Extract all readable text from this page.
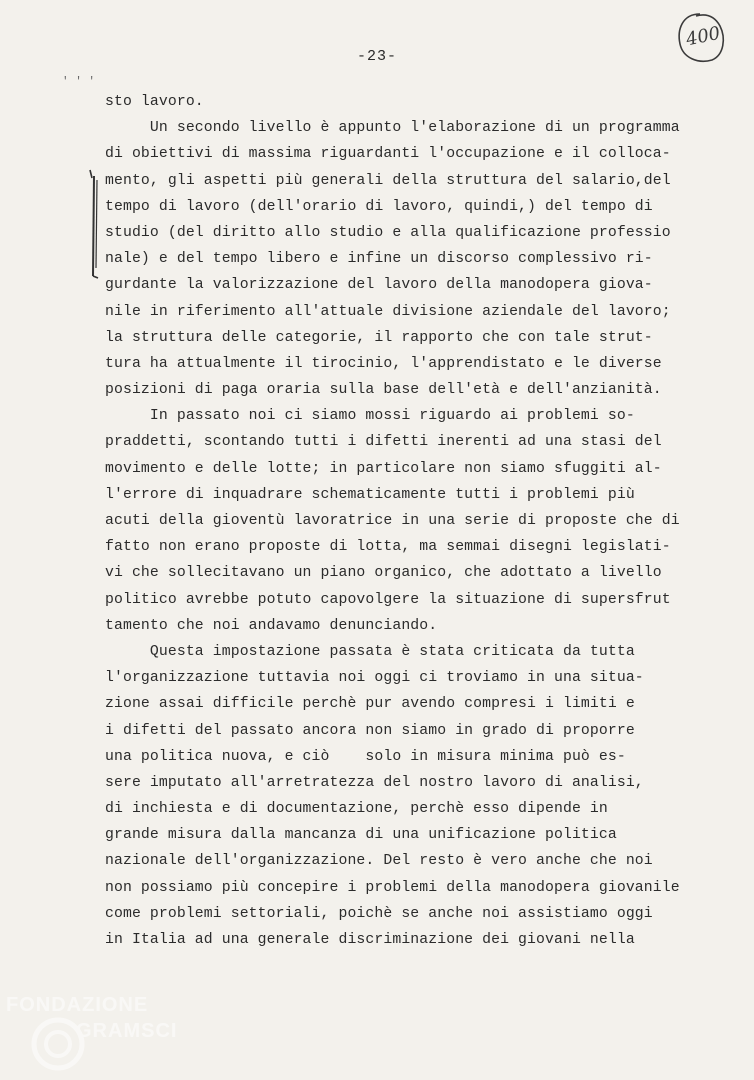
-23-
400
' ' '
sto lavoro.
Un secondo livello è appunto l'elaborazione di un programma
di obiettivi di massima riguardanti l'occupazione e il colloca-
mento, gli aspetti più generali della struttura del salario,del
tempo di lavoro (dell'orario di lavoro, quindi,) del tempo di
studio (del diritto allo studio e alla qualificazione professio
nale) e del tempo libero e infine un discorso complessivo ri-
gurdante la valorizzazione del lavoro della manodopera giova-
nile in riferimento all'attuale divisione aziendale del lavoro;
la struttura delle categorie, il rapporto che con tale strut-
tura ha attualmente il tirocinio, l'apprendistato e le diverse
posizioni di paga oraria sulla base dell'età e dell'anzianità.
In passato noi ci siamo mossi riguardo ai problemi so-
praddetti, scontando tutti i difetti inerenti ad una stasi del
movimento e delle lotte; in particolare non siamo sfuggiti al-
l'errore di inquadrare schematicamente tutti i problemi più
acuti della gioventù lavoratrice in una serie di proposte che di
fatto non erano proposte di lotta, ma semmai disegni legislati-
vi che sollecitavano un piano organico, che adottato a livello
politico avrebbe potuto capovolgere la situazione di supersfrut
tamento che noi andavamo denunciando.
Questa impostazione passata è stata criticata da tutta
l'organizzazione tuttavia noi oggi ci troviamo in una situa-
zione assai difficile perchè pur avendo compresi i limiti e
i difetti del passato ancora non siamo in grado di proporre
una politica nuova, e ciò    solo in misura minima può es-
sere imputato all'arretratezza del nostro lavoro di analisi,
di inchiesta e di documentazione, perchè esso dipende in
grande misura dalla mancanza di una unificazione politica
nazionale dell'organizzazione. Del resto è vero anche che noi
non possiamo più concepire i problemi della manodopera giovanile
come problemi settoriali, poichè se anche noi assistiamo oggi
in Italia ad una generale discriminazione dei giovani nella
FONDAZIONE
GRAMSCI
